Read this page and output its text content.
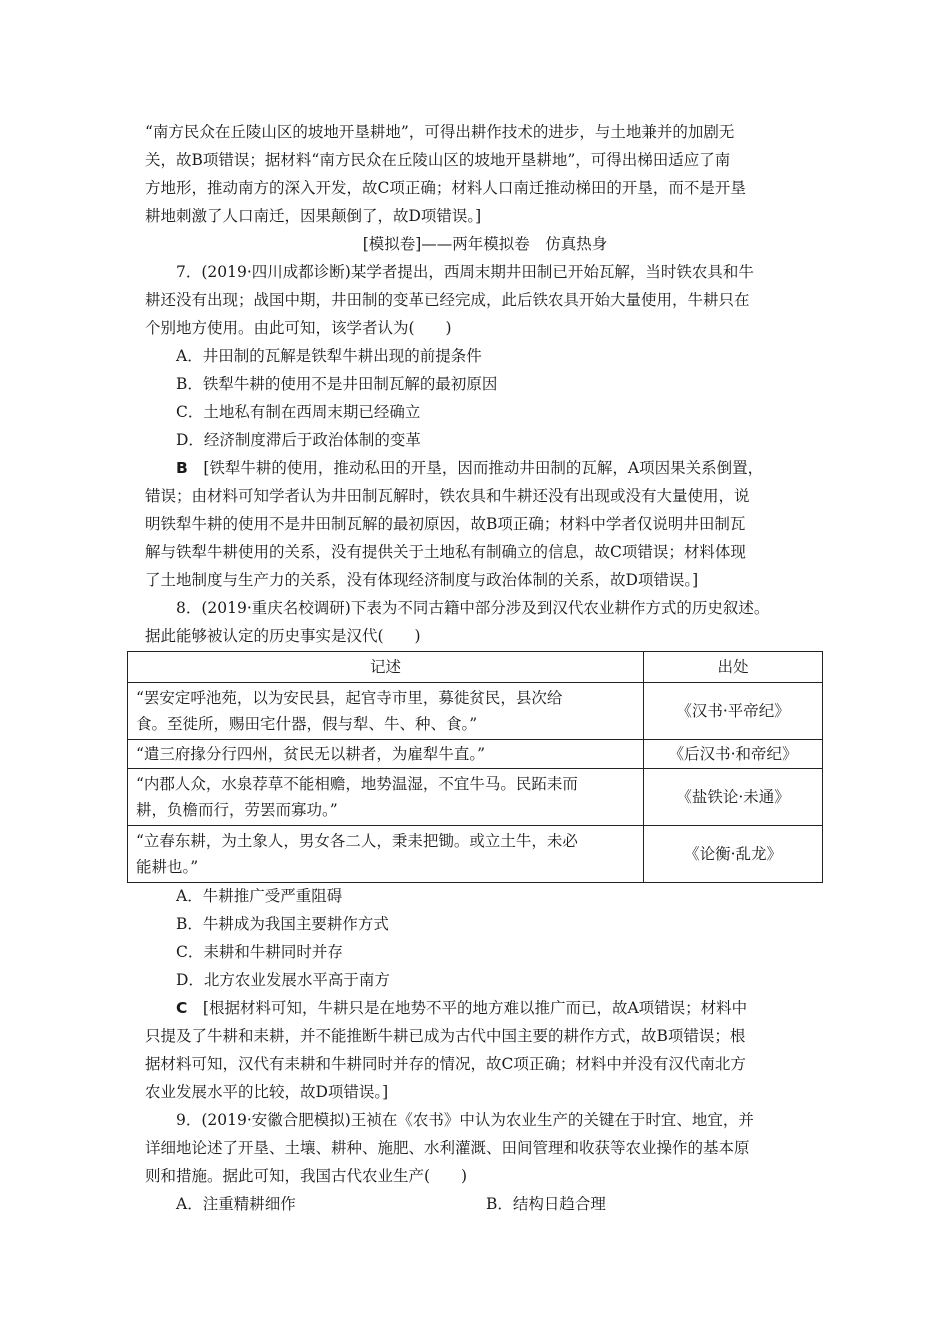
“南方民众在丘陵山区的坡地开垦耕地”，可得出耕作技术的进步，与土地兼并的加剧无
关，故B项错误；据材料“南方民众在丘陵山区的坡地开垦耕地”，可得出梯田适应了南
方地形，推动南方的深入开发，故C项正确；材料人口南迁推动梯田的开垦，而不是开垦
耕地刺激了人口南迁，因果颠倒了，故D项错误。]
[模拟卷]——两年模拟卷　仿真热身
7．(2019·四川成都诊断)某学者提出，西周末期井田制已开始瓦解，当时铁农具和牛
耕还没有出现；战国中期，井田制的变革已经完成，此后铁农具开始大量使用，牛耕只在
个别地方使用。由此可知，该学者认为(　　)
A．井田制的瓦解是铁犁牛耕出现的前提条件
B．铁犁牛耕的使用不是井田制瓦解的最初原因
C．土地私有制在西周末期已经确立
D．经济制度滞后于政治体制的变革
B　 [铁犁牛耕的使用，推动私田的开垦，因而推动井田制的瓦解，A项因果关系倒置，
错误；由材料可知学者认为井田制瓦解时，铁农具和牛耕还没有出现或没有大量使用，说
明铁犁牛耕的使用不是井田制瓦解的最初原因，故B项正确；材料中学者仅说明井田制瓦
解与铁犁牛耕使用的关系，没有提供关于土地私有制确立的信息，故C项错误；材料体现
了土地制度与生产力的关系，没有体现经济制度与政治体制的关系，故D项错误。]
8．(2019·重庆名校调研)下表为不同古籍中部分涉及到汉代农业耕作方式的历史叙述。
据此能够被认定的历史事实是汉代(　　)
记述	出处

“罢安定呼池苑，以为安民县，起官寺市里，募徙贫民，县次给
食。至徙所，赐田宅什器，假与犁、牛、种、食。”	《汉书·平帝纪》

“遣三府掾分行四州，贫民无以耕者，为雇犁牛直。”	《后汉书·和帝纪》

“内郡人众，水泉荐草不能相赡，地势温湿，不宜牛马。民跖耒而
耕，负檐而行，劳罢而寡功。”	《盐铁论·未通》

“立春东耕，为土象人，男女各二人，秉耒把锄。或立土牛，未必
能耕也。”	《论衡·乱龙》
A．牛耕推广受严重阻碍
B．牛耕成为我国主要耕作方式
C．耒耕和牛耕同时并存
D．北方农业发展水平高于南方
C　 [根据材料可知，牛耕只是在地势不平的地方难以推广而已，故A项错误；材料中
只提及了牛耕和耒耕，并不能推断牛耕已成为古代中国主要的耕作方式，故B项错误；根
据材料可知，汉代有耒耕和牛耕同时并存的情况，故C项正确；材料中并没有汉代南北方
农业发展水平的比较，故D项错误。]
9．(2019·安徽合肥模拟)王祯在《农书》中认为农业生产的关键在于时宜、地宜，并
详细地论述了开垦、土壤、耕种、施肥、水利灌溉、田间管理和收获等农业操作的基本原
则和措施。据此可知，我国古代农业生产(　　)
A．注重精耕细作	B．结构日趋合理
